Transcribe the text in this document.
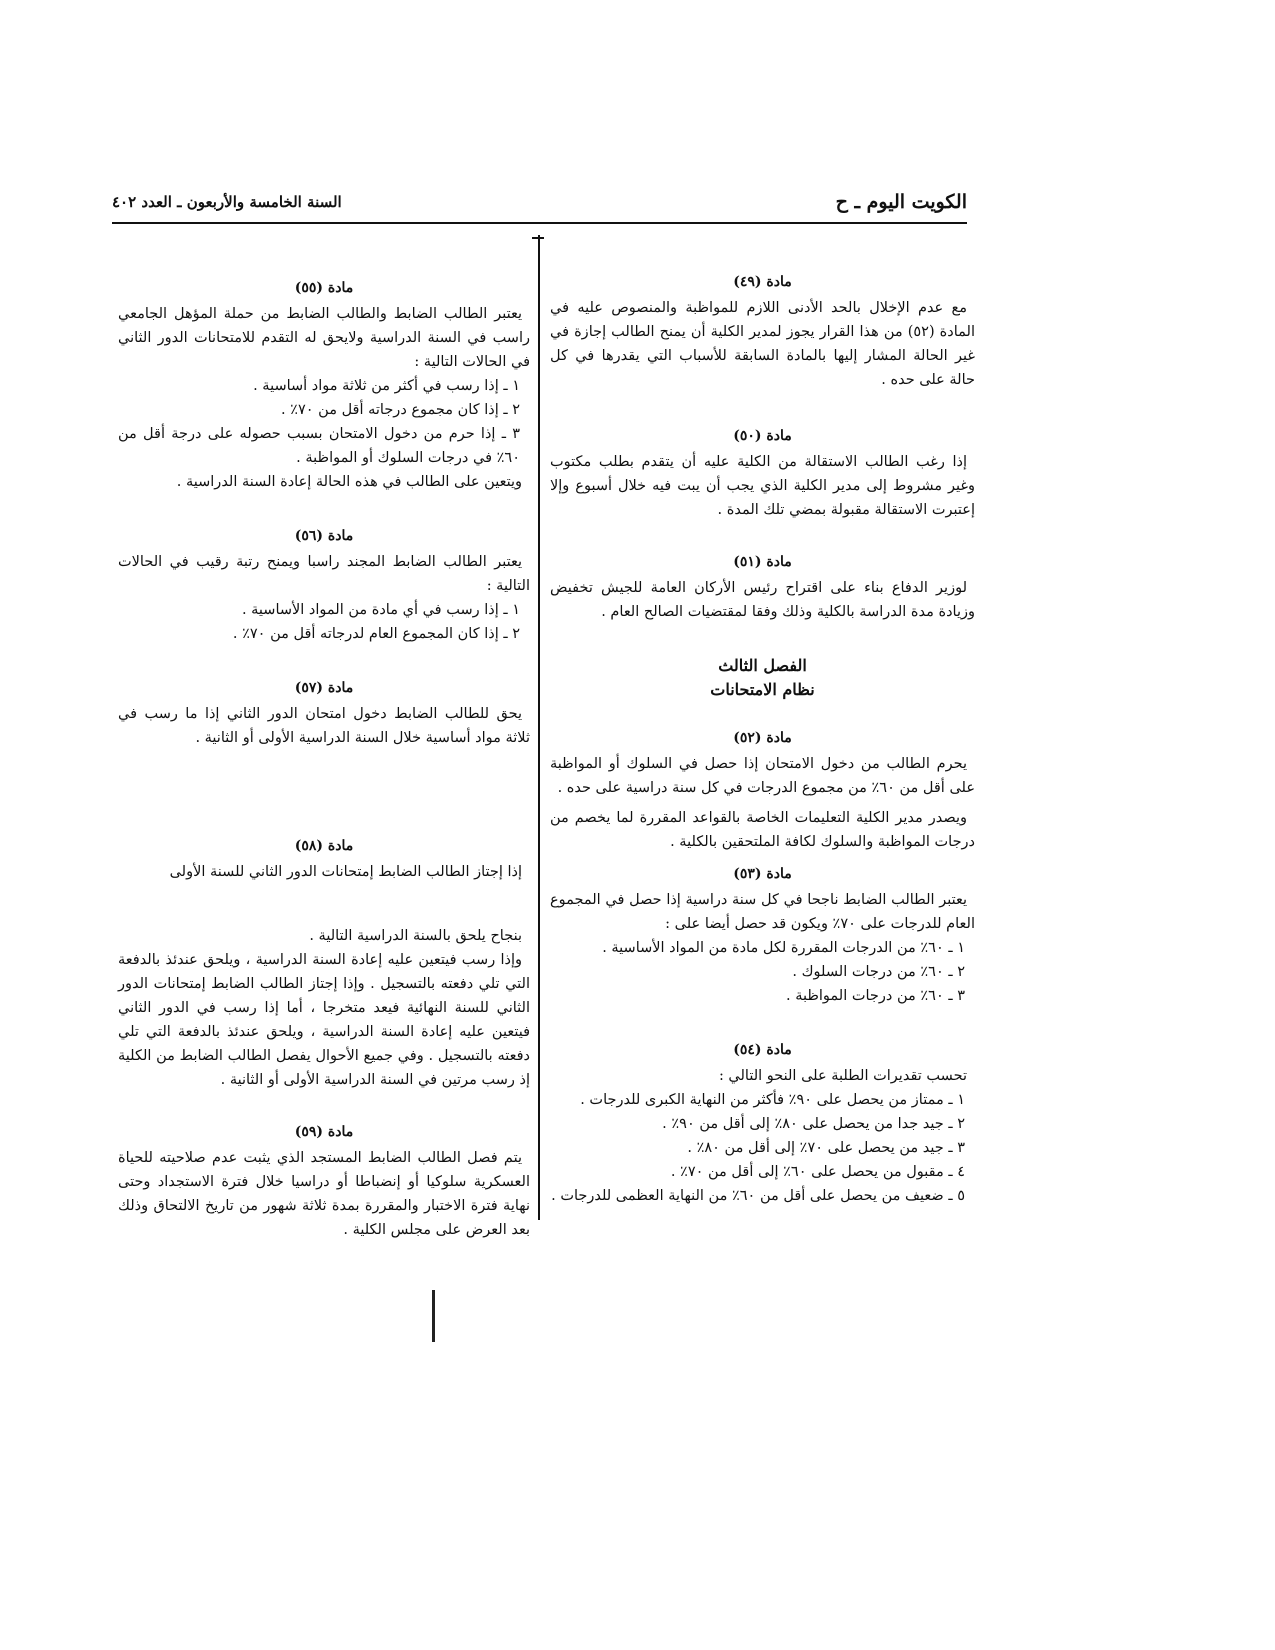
الكويت اليوم ـ ح
السنة الخامسة والأربعون ـ العدد ٤٠٢
مادة (٤٩)

مع عدم الإخلال بالحد الأدنى اللازم للمواظبة والمنصوص عليه في المادة (٥٢) من هذا القرار يجوز لمدير الكلية أن يمنح الطالب إجازة في غير الحالة المشار إليها بالمادة السابقة للأسباب التي يقدرها في كل حالة على حده .

مادة (٥٠)

إذا رغب الطالب الاستقالة من الكلية عليه أن يتقدم بطلب مكتوب وغير مشروط إلى مدير الكلية الذي يجب أن يبت فيه خلال أسبوع وإلا إعتبرت الاستقالة مقبولة بمضي تلك المدة .

مادة (٥١)

لوزير الدفاع بناء على اقتراح رئيس الأركان العامة للجيش تخفيض وزيادة مدة الدراسة بالكلية وذلك وفقا لمقتضيات الصالح العام .

الفصل الثالث
نظام الامتحانات
مادة (٥٢)

يحرم الطالب من دخول الامتحان إذا حصل في السلوك أو المواظبة على أقل من ٦٠٪ من مجموع الدرجات في كل سنة دراسية على حده .

ويصدر مدير الكلية التعليمات الخاصة بالقواعد المقررة لما يخصم من درجات المواظبة والسلوك لكافة الملتحقين بالكلية .

مادة (٥٣)

يعتبر الطالب الضابط ناجحا في كل سنة دراسية إذا حصل في المجموع العام للدرجات على ٧٠٪ ويكون قد حصل أيضا على :

١ ـ ٦٠٪ من الدرجات المقررة لكل مادة من المواد الأساسية .

٢ ـ ٦٠٪ من درجات السلوك .

٣ ـ ٦٠٪ من درجات المواظبة .

مادة (٥٤)

تحسب تقديرات الطلبة على النحو التالي :

١ ـ ممتاز من يحصل على ٩٠٪ فأكثر من النهاية الكبرى للدرجات .

٢ ـ جيد جدا من يحصل على ٨٠٪ إلى أقل من ٩٠٪ .

٣ ـ جيد من يحصل على ٧٠٪ إلى أقل من ٨٠٪ .

٤ ـ مقبول من يحصل على ٦٠٪ إلى أقل من ٧٠٪ .

٥ ـ ضعيف من يحصل على أقل من ٦٠٪ من النهاية العظمى للدرجات .

مادة (٥٥)

يعتبر الطالب الضابط والطالب الضابط من حملة المؤهل الجامعي راسب في السنة الدراسية ولايحق له التقدم للامتحانات الدور الثاني في الحالات التالية :

١ ـ إذا رسب في أكثر من ثلاثة مواد أساسية .

٢ ـ إذا كان مجموع درجاته أقل من ٧٠٪ .

٣ ـ إذا حرم من دخول الامتحان بسبب حصوله على درجة أقل من ٦٠٪ في درجات السلوك أو المواظبة .

ويتعين على الطالب في هذه الحالة إعادة السنة الدراسية .

مادة (٥٦)

يعتبر الطالب الضابط المجند راسبا ويمنح رتبة رقيب في الحالات التالية :

١ ـ إذا رسب في أي مادة من المواد الأساسية .

٢ ـ إذا كان المجموع العام لدرجاته أقل من ٧٠٪ .

مادة (٥٧)

يحق للطالب الضابط دخول امتحان الدور الثاني إذا ما رسب في ثلاثة مواد أساسية خلال السنة الدراسية الأولى أو الثانية .

مادة (٥٨)

إذا إجتاز الطالب الضابط إمتحانات الدور الثاني للسنة الأولى

بنجاح يلحق بالسنة الدراسية التالية .

وإذا رسب فيتعين عليه إعادة السنة الدراسية ، ويلحق عندئذ بالدفعة التي تلي دفعته بالتسجيل . وإذا إجتاز الطالب الضابط إمتحانات الدور الثاني للسنة النهائية فيعد متخرجا ، أما إذا رسب في الدور الثاني فيتعين عليه إعادة السنة الدراسية ، ويلحق عندئذ بالدفعة التي تلي دفعته بالتسجيل . وفي جميع الأحوال يفصل الطالب الضابط من الكلية إذ رسب مرتين في السنة الدراسية الأولى أو الثانية .

مادة (٥٩)

يتم فصل الطالب الضابط المستجد الذي يثبت عدم صلاحيته للحياة العسكرية سلوكيا أو إنضباطا أو دراسيا خلال فترة الاستجداد وحتى نهاية فترة الاختبار والمقررة بمدة ثلاثة شهور من تاريخ الالتحاق وذلك بعد العرض على مجلس الكلية .
